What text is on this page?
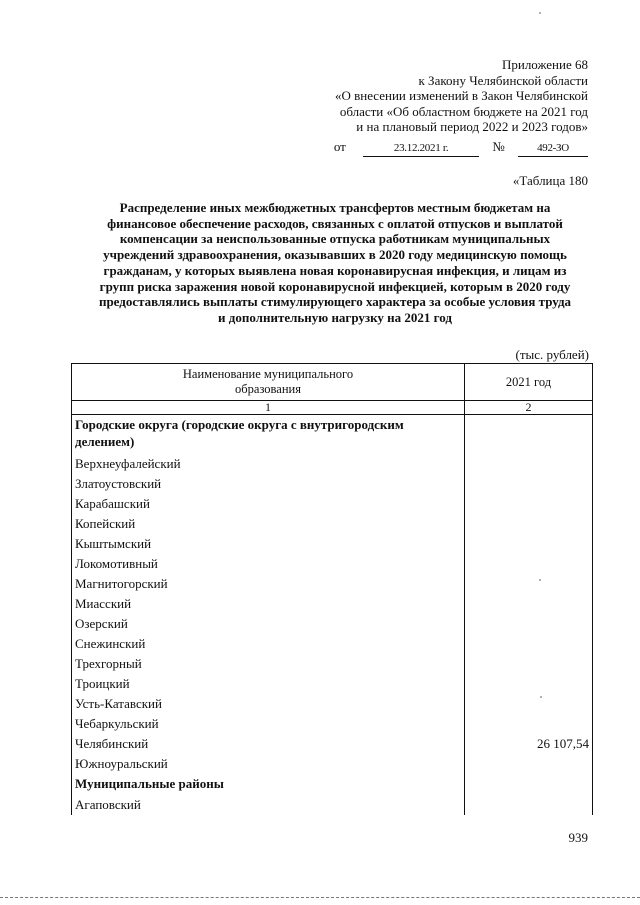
Приложение 68
к Закону Челябинской области
«О внесении изменений в Закон Челябинской
области «Об областном бюджете на 2021 год
и на плановый период 2022 и 2023 годов»
от	23.12.2021 г.	№	492-ЗО
«Таблица 180
Распределение иных межбюджетных трансфертов местным бюджетам на
финансовое обеспечение расходов, связанных с оплатой отпусков и выплатой
компенсации за неиспользованные отпуска работникам муниципальных
учреждений здравоохранения, оказывавших в 2020 году медицинскую помощь
гражданам, у которых выявлена новая коронавирусная инфекция, и лицам из
групп риска заражения новой коронавирусной инфекцией, которым в 2020 году
предоставлялись выплаты стимулирующего характера за особые условия труда
и дополнительную нагрузку на 2021 год
(тыс. рублей)
Наименование муниципального
образования	2021 год
1	2
Городские округа (городские округа с внутригородским делением)	
Верхнеуфалейский	
Златоустовский	
Карабашский	
Копейский	
Кыштымский	
Локомотивный	
Магнитогорский	
Миасский	
Озерский	
Снежинский	
Трехгорный	
Троицкий	
Усть-Катавский	
Чебаркульский	
Челябинский	26 107,54
Южноуральский	
Муниципальные районы	
Агаповский	
939
